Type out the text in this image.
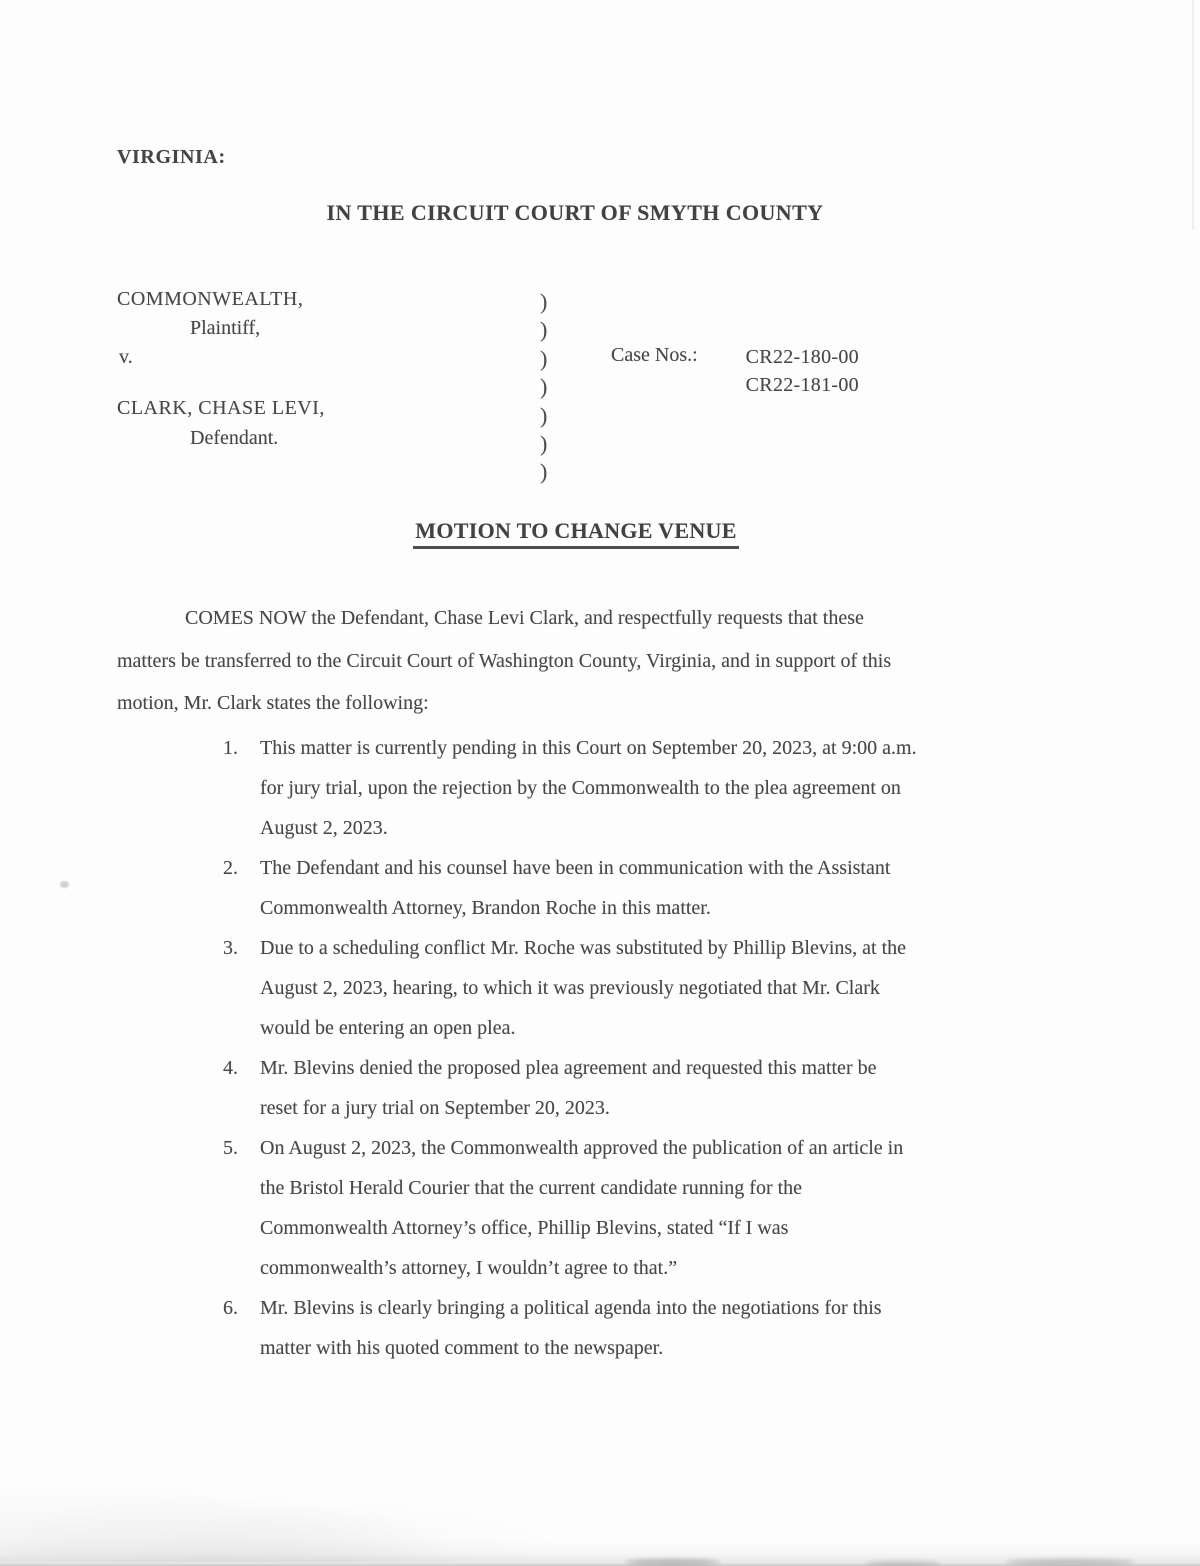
VIRGINIA:
IN THE CIRCUIT COURT OF SMYTH COUNTY
COMMONWEALTH,
Plaintiff,
v.
CLARK, CHASE LEVI,
Defendant.
)
)
)
)
)
)
)
Case Nos.: CR22-180-00
CR22-181-00
MOTION TO CHANGE VENUE
COMES NOW the Defendant, Chase Levi Clark, and respectfully requests that these
matters be transferred to the Circuit Court of Washington County, Virginia, and in support of this
motion, Mr. Clark states the following:
1.	This matter is currently pending in this Court on September 20, 2023, at 9:00 a.m.
for jury trial, upon the rejection by the Commonwealth to the plea agreement on
August 2, 2023.
2.	The Defendant and his counsel have been in communication with the Assistant
Commonwealth Attorney, Brandon Roche in this matter.
3.	Due to a scheduling conflict Mr. Roche was substituted by Phillip Blevins, at the
August 2, 2023, hearing, to which it was previously negotiated that Mr. Clark
would be entering an open plea.
4.	Mr. Blevins denied the proposed plea agreement and requested this matter be
reset for a jury trial on September 20, 2023.
5.	On August 2, 2023, the Commonwealth approved the publication of an article in
the Bristol Herald Courier that the current candidate running for the
Commonwealth Attorney’s office, Phillip Blevins, stated “If I was
commonwealth’s attorney, I wouldn’t agree to that.”
6.	Mr. Blevins is clearly bringing a political agenda into the negotiations for this
matter with his quoted comment to the newspaper.
